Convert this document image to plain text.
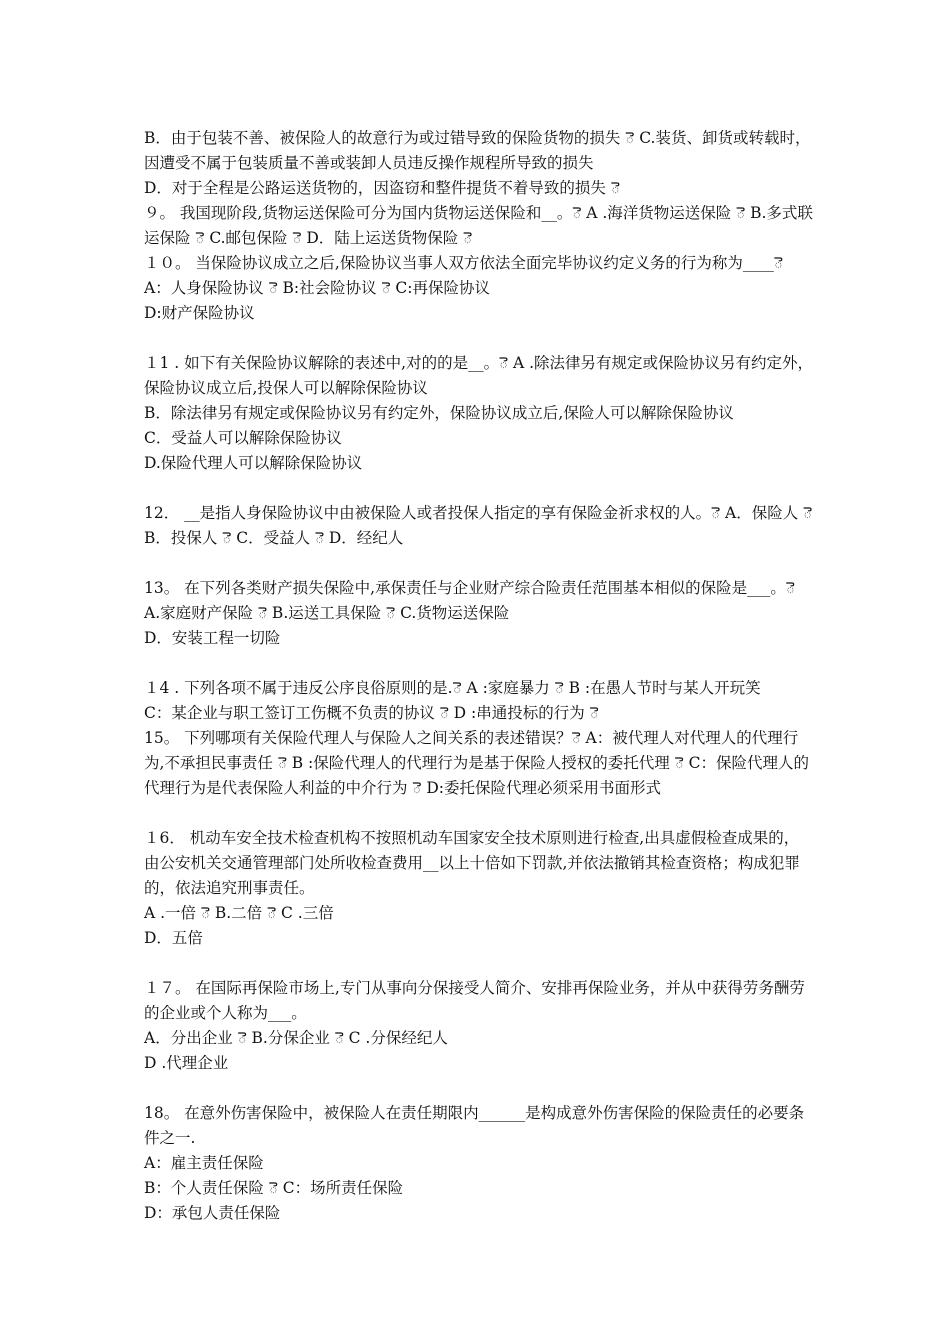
B．由于包装不善、被保险人的故意行为或过错导致的保险货物的损失 ె C.装货、卸货或转载时，因遭受不属于包装质量不善或装卸人员违反操作规程所导致的损失

D．对于全程是公路运送货物的，因盗窃和整件提货不着导致的损失 ె

９。 我国现阶段,货物运送保险可分为国内货物运送保险和__。ె A .海洋货物运送保险 ె B.多式联运保险 ె C.邮包保险 ె D．陆上运送货物保险 ె

１０。 当保险协议成立之后,保险协议当事人双方依法全面完毕协议约定义务的行为称为____ె A：人身保险协议 ె B:社会险协议 ె C:再保险协议

D:财产保险协议

１1 . 如下有关保险协议解除的表述中,对的的是__。ె A .除法律另有规定或保险协议另有约定外，保险协议成立后,投保人可以解除保险协议

B．除法律另有规定或保险协议另有约定外，保险协议成立后,保险人可以解除保险协议

C．受益人可以解除保险协议

D.保险代理人可以解除保险协议

12． __是指人身保险协议中由被保险人或者投保人指定的享有保险金祈求权的人。ె A．保险人 ె B．投保人 ె C．受益人 ె D．经纪人

13。 在下列各类财产损失保险中,承保责任与企业财产综合险责任范围基本相似的保险是___。ె A.家庭财产保险 ె B.运送工具保险 ె C.货物运送保险

D．安装工程一切险

１4 . 下列各项不属于违反公序良俗原则的是.ె A :家庭暴力 ె B :在愚人节时与某人开玩笑

C：某企业与职工签订工伤概不负责的协议 ె D :串通投标的行为 ె

15。 下列哪项有关保险代理人与保险人之间关系的表述错误？ె A：被代理人对代理人的代理行为,不承担民事责任 ె B :保险代理人的代理行为是基于保险人授权的委托代理 ె C：保险代理人的代理行为是代表保险人利益的中介行为 ె D:委托保险代理必须采用书面形式

１6． 机动车安全技术检查机构不按照机动车国家安全技术原则进行检查,出具虚假检查成果的，由公安机关交通管理部门处所收检查费用__以上十倍如下罚款,并依法撤销其检查资格；构成犯罪的，依法追究刑事责任。

A .一倍 ె B.二倍 ె C .三倍

D．五倍

１７。 在国际再保险市场上,专门从事向分保接受人简介、安排再保险业务，并从中获得劳务酬劳的企业或个人称为___。

A．分出企业 ె B.分保企业 ె C .分保经纪人

D .代理企业

18。 在意外伤害保险中，被保险人在责任期限内______是构成意外伤害保险的保险责任的必要条件之一.

A：雇主责任保险

B：个人责任保险 ె C：场所责任保险

D：承包人责任保险
